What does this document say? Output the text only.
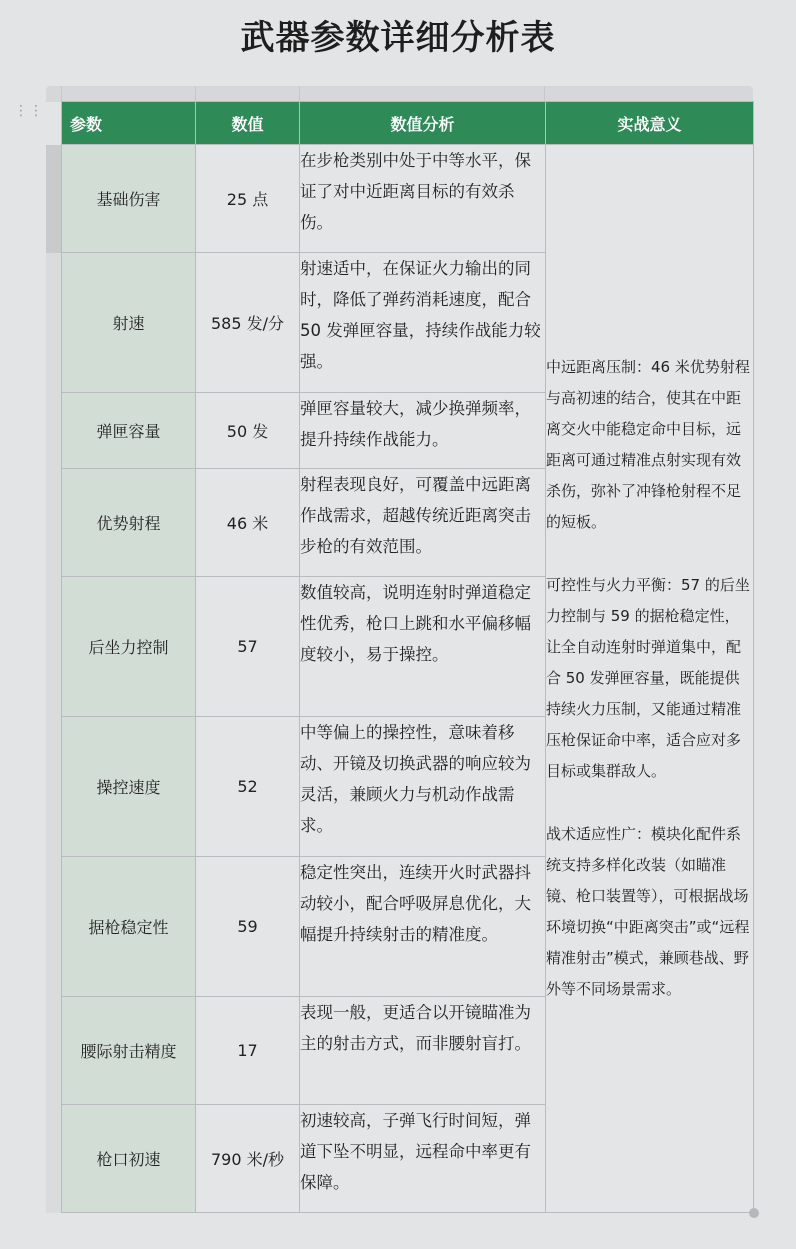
武器参数详细分析表
⋮⋮
参数	数值	数值分析	实战意义
基础伤害	25 点	在步枪类别中处于中等水平，保证了对中近距离目标的有效杀伤。	中远距离压制：46 米优势射程与高初速的结合，使其在中距离交火中能稳定命中目标，远距离可通过精准点射实现有效杀伤，弥补了冲锋枪射程不足的短板。
可控性与火力平衡：57 的后坐力控制与 59 的据枪稳定性，让全自动连射时弹道集中，配合 50 发弹匣容量，既能提供持续火力压制，又能通过精准压枪保证命中率，适合应对多目标或集群敌人。
战术适应性广：模块化配件系统支持多样化改装（如瞄准镜、枪口装置等），可根据战场环境切换“中距离突击”或“远程精准射击”模式，兼顾巷战、野外等不同场景需求。

射速	585 发/分	射速适中，在保证火力输出的同时，降低了弹药消耗速度，配合 50 发弹匣容量，持续作战能力较强。	
弹匣容量	50 发	弹匣容量较大，减少换弹频率，提升持续作战能力。	
优势射程	46 米	射程表现良好，可覆盖中远距离作战需求，超越传统近距离突击步枪的有效范围。	
后坐力控制	57	数值较高，说明连射时弹道稳定性优秀，枪口上跳和水平偏移幅度较小，易于操控。	
操控速度	52	中等偏上的操控性，意味着移动、开镜及切换武器的响应较为灵活，兼顾火力与机动作战需求。	
据枪稳定性	59	稳定性突出，连续开火时武器抖动较小，配合呼吸屏息优化，大幅提升持续射击的精准度。	
腰际射击精度	17	表现一般，更适合以开镜瞄准为主的射击方式，而非腰射盲打。	
枪口初速	790 米/秒	初速较高，子弹飞行时间短，弹道下坠不明显，远程命中率更有保障。	
